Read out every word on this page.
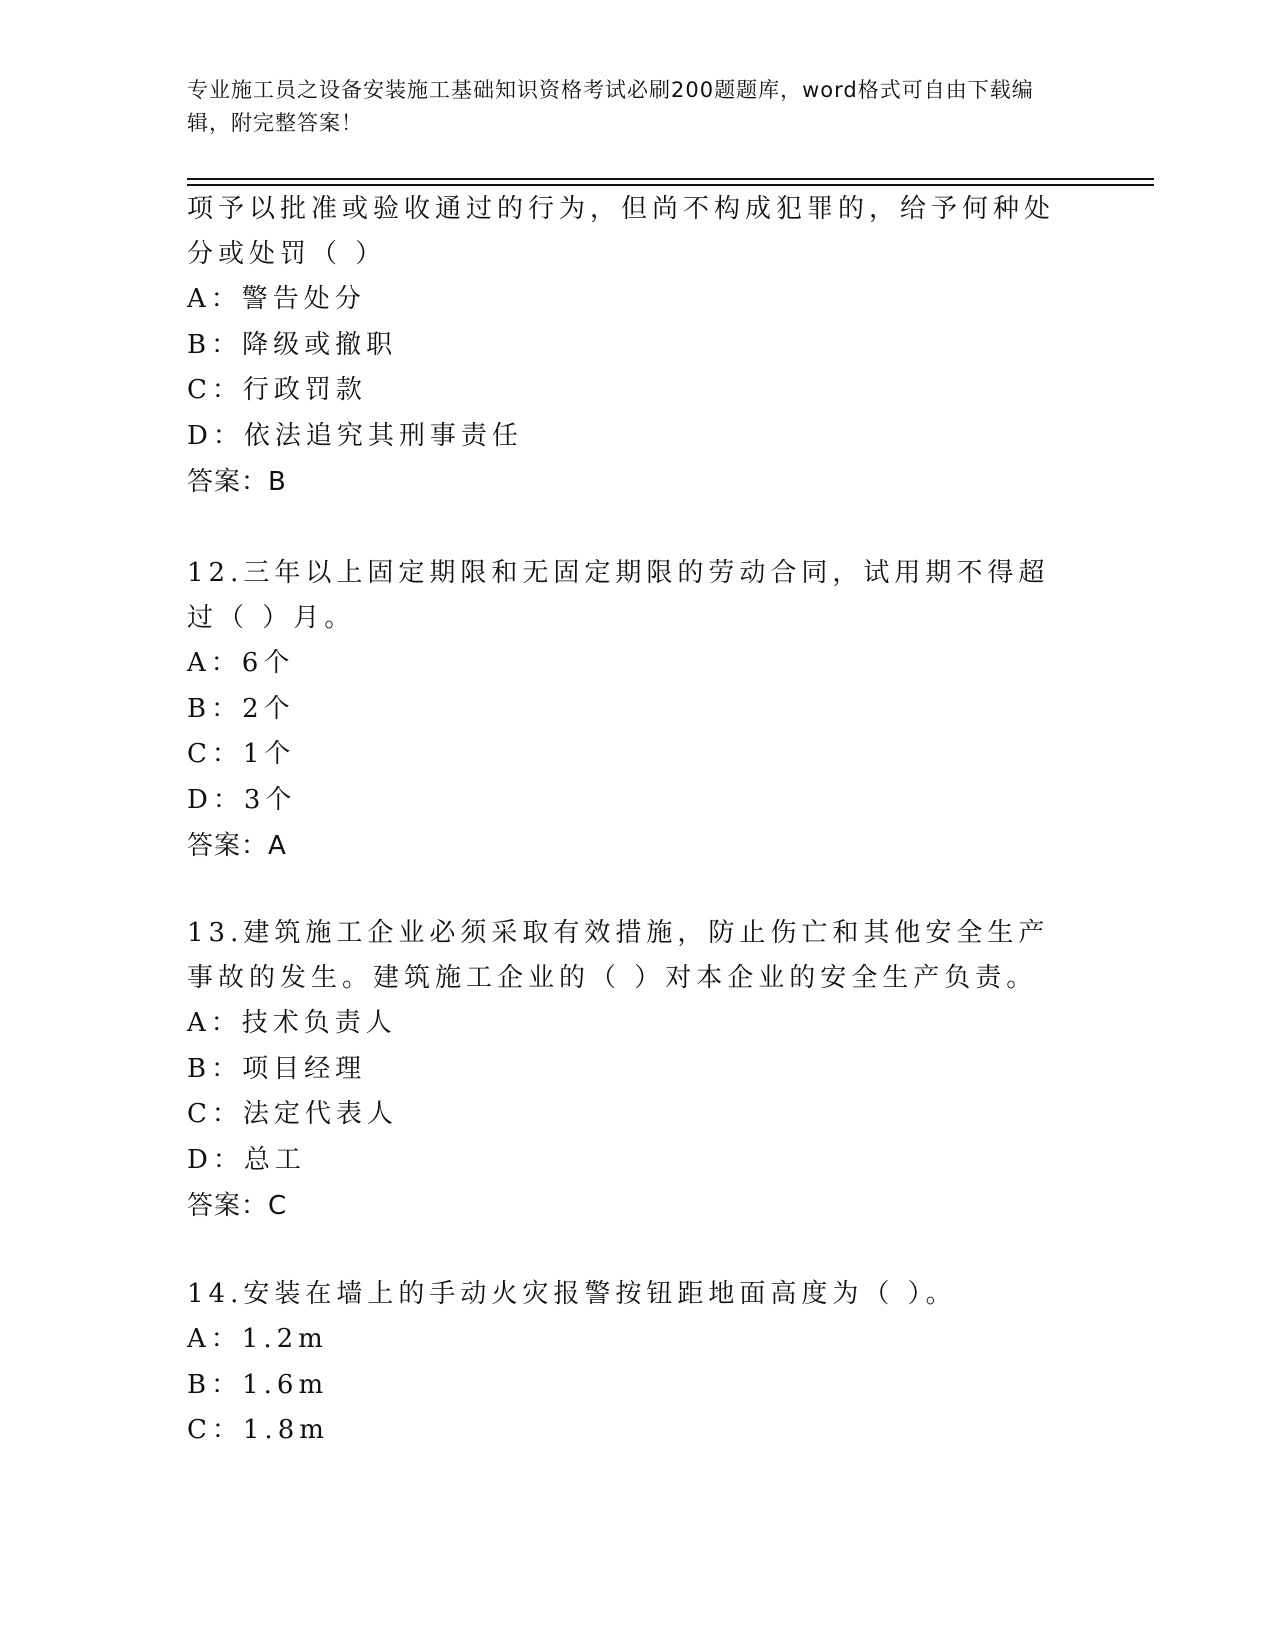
专业施工员之设备安装施工基础知识资格考试必刷200题题库，word格式可自由下载编辑，附完整答案！
项予以批准或验收通过的行为，但尚不构成犯罪的，给予何种处分或处罚（ ）
A：警告处分
B：降级或撤职
C：行政罚款
D：依法追究其刑事责任
答案：B
12.三年以上固定期限和无固定期限的劳动合同，试用期不得超过（ ）月。
A：6个
B：2个
C：1个
D：3个
答案：A
13.建筑施工企业必须采取有效措施，防止伤亡和其他安全生产事故的发生。建筑施工企业的（ ）对本企业的安全生产负责。
A：技术负责人
B：项目经理
C：法定代表人
D：总工
答案：C
14.安装在墙上的手动火灾报警按钮距地面高度为（ ）。
A：1.2m
B：1.6m
C：1.8m
